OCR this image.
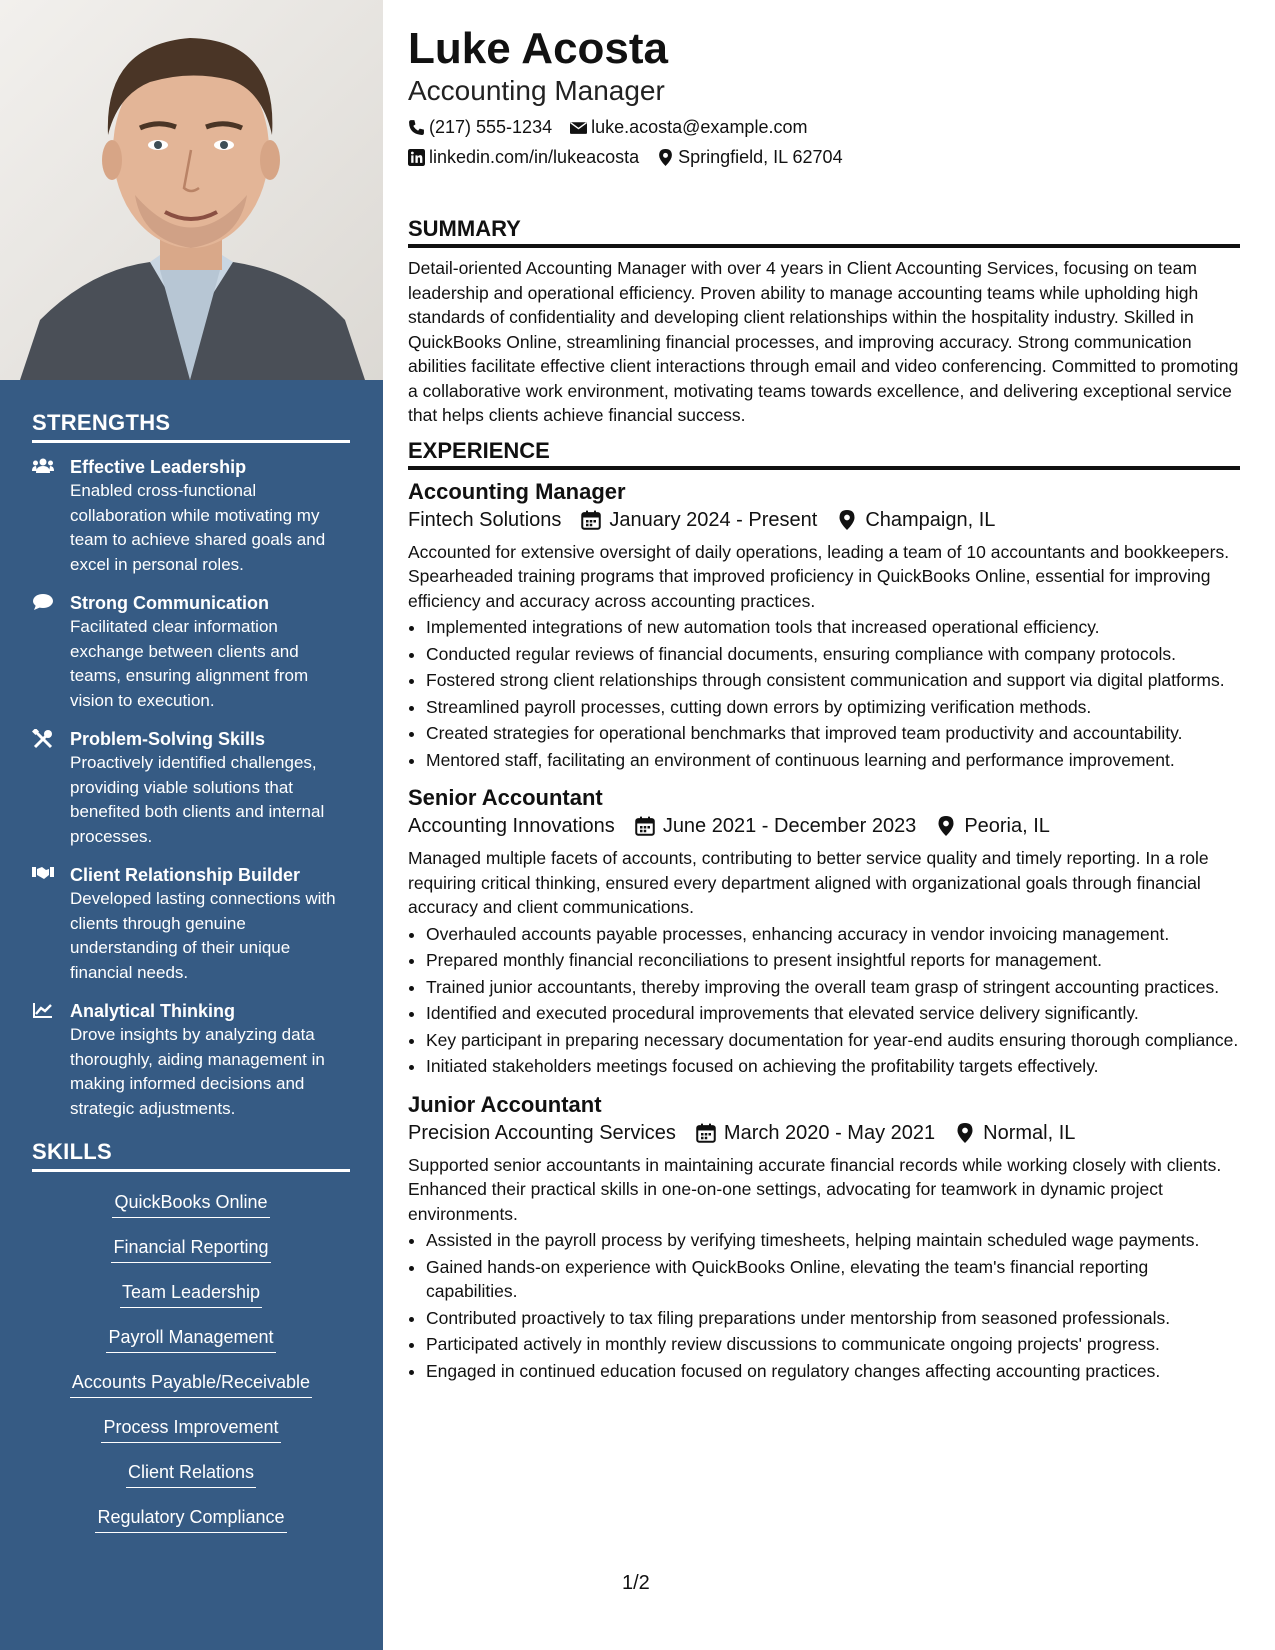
STRENGTHS
Effective Leadership
Enabled cross-functional collaboration while motivating my team to achieve shared goals and excel in personal roles.
Strong Communication
Facilitated clear information exchange between clients and teams, ensuring alignment from vision to execution.
Problem-Solving Skills
Proactively identified challenges, providing viable solutions that benefited both clients and internal processes.
Client Relationship Builder
Developed lasting connections with clients through genuine understanding of their unique financial needs.
Analytical Thinking
Drove insights by analyzing data thoroughly, aiding management in making informed decisions and strategic adjustments.
SKILLS
QuickBooks Online
Financial Reporting
Team Leadership
Payroll Management
Accounts Payable/Receivable
Process Improvement
Client Relations
Regulatory Compliance
Luke Acosta
Accounting Manager
(217) 555-1234 luke.acosta@example.com
linkedin.com/in/lukeacosta Springfield, IL 62704
SUMMARY
Detail-oriented Accounting Manager with over 4 years in Client Accounting Services, focusing on team leadership and operational efficiency. Proven ability to manage accounting teams while upholding high standards of confidentiality and developing client relationships within the hospitality industry. Skilled in QuickBooks Online, streamlining financial processes, and improving accuracy. Strong communication abilities facilitate effective client interactions through email and video conferencing. Committed to promoting a collaborative work environment, motivating teams towards excellence, and delivering exceptional service that helps clients achieve financial success.
EXPERIENCE
Accounting Manager
Fintech Solutions January 2024 - Present Champaign, IL
Accounted for extensive oversight of daily operations, leading a team of 10 accountants and bookkeepers. Spearheaded training programs that improved proficiency in QuickBooks Online, essential for improving efficiency and accuracy across accounting practices.
• Implemented integrations of new automation tools that increased operational efficiency.
• Conducted regular reviews of financial documents, ensuring compliance with company protocols.
• Fostered strong client relationships through consistent communication and support via digital platforms.
• Streamlined payroll processes, cutting down errors by optimizing verification methods.
• Created strategies for operational benchmarks that improved team productivity and accountability.
• Mentored staff, facilitating an environment of continuous learning and performance improvement.
Senior Accountant
Accounting Innovations June 2021 - December 2023 Peoria, IL
Managed multiple facets of accounts, contributing to better service quality and timely reporting. In a role requiring critical thinking, ensured every department aligned with organizational goals through financial accuracy and client communications.
• Overhauled accounts payable processes, enhancing accuracy in vendor invoicing management.
• Prepared monthly financial reconciliations to present insightful reports for management.
• Trained junior accountants, thereby improving the overall team grasp of stringent accounting practices.
• Identified and executed procedural improvements that elevated service delivery significantly.
• Key participant in preparing necessary documentation for year-end audits ensuring thorough compliance.
• Initiated stakeholders meetings focused on achieving the profitability targets effectively.
Junior Accountant
Precision Accounting Services March 2020 - May 2021 Normal, IL
Supported senior accountants in maintaining accurate financial records while working closely with clients. Enhanced their practical skills in one-on-one settings, advocating for teamwork in dynamic project environments.
• Assisted in the payroll process by verifying timesheets, helping maintain scheduled wage payments.
• Gained hands-on experience with QuickBooks Online, elevating the team's financial reporting capabilities.
• Contributed proactively to tax filing preparations under mentorship from seasoned professionals.
• Participated actively in monthly review discussions to communicate ongoing projects' progress.
• Engaged in continued education focused on regulatory changes affecting accounting practices.
1/2
